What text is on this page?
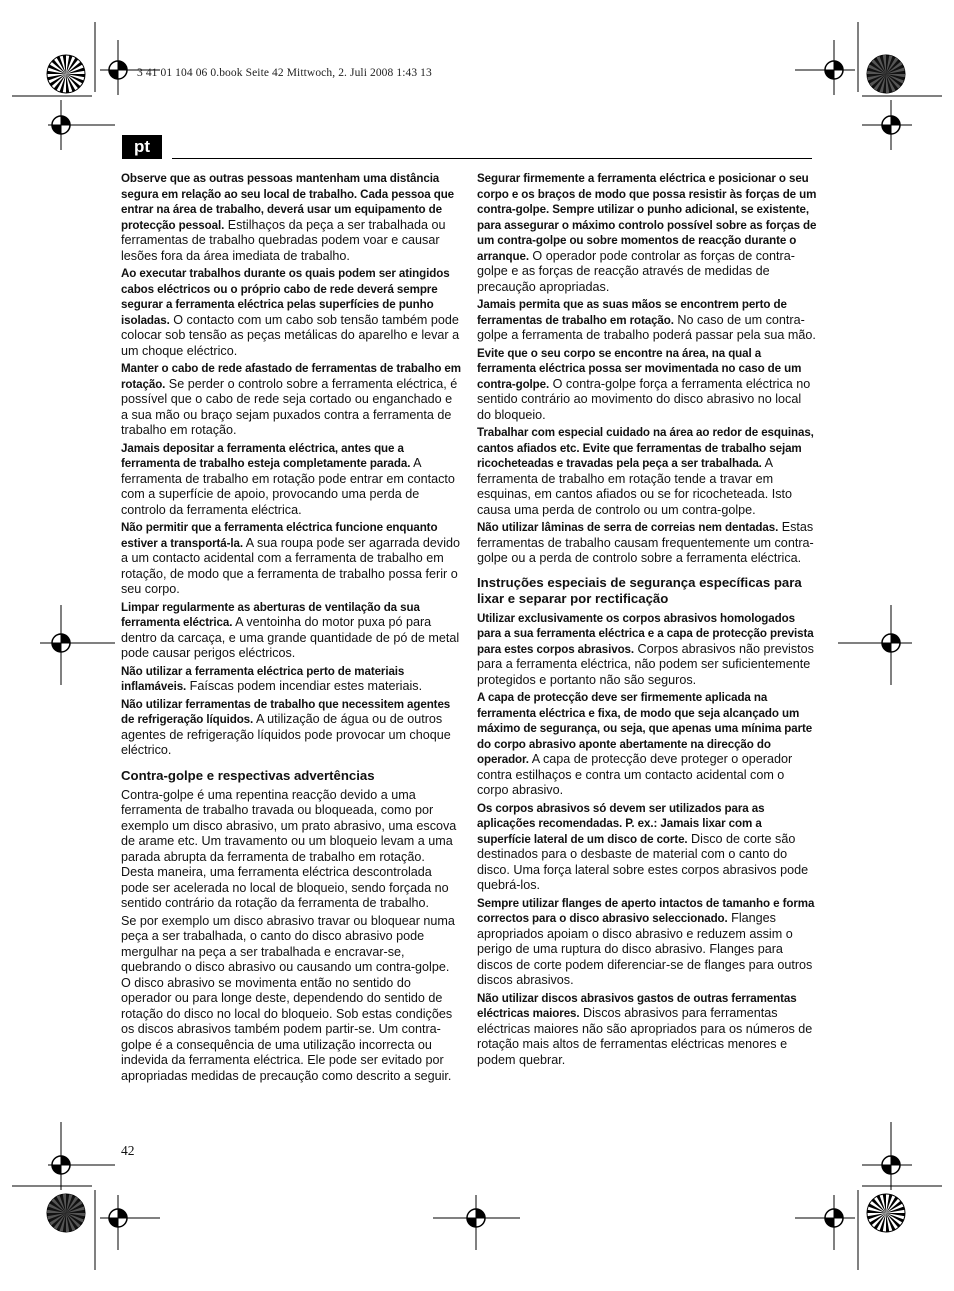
3 41 01 104 06 0.book Seite 42 Mittwoch, 2. Juli 2008 1:43 13
pt
Observe que as outras pessoas mantenham uma distância segura em relação ao seu local de trabalho. Cada pessoa que entrar na área de trabalho, deverá usar um equipamento de protecção pessoal. Estilhaços da peça a ser trabalhada ou ferramentas de trabalho quebradas podem voar e causar lesões fora da área imediata de trabalho.
Ao executar trabalhos durante os quais podem ser atingidos cabos eléctricos ou o próprio cabo de rede deverá sempre segurar a ferramenta eléctrica pelas superfícies de punho isoladas. O contacto com um cabo sob tensão também pode colocar sob tensão as peças metálicas do aparelho e levar a um choque eléctrico.
Manter o cabo de rede afastado de ferramentas de trabalho em rotação. Se perder o controlo sobre a ferramenta eléctrica, é possível que o cabo de rede seja cortado ou enganchado e a sua mão ou braço sejam puxados contra a ferramenta de trabalho em rotação.
Jamais depositar a ferramenta eléctrica, antes que a ferramenta de trabalho esteja completamente parada. A ferramenta de trabalho em rotação pode entrar em contacto com a superfície de apoio, provocando uma perda de controlo da ferramenta eléctrica.
Não permitir que a ferramenta eléctrica funcione enquanto estiver a transportá-la. A sua roupa pode ser agarrada devido a um contacto acidental com a ferramenta de trabalho em rotação, de modo que a ferramenta de trabalho possa ferir o seu corpo.
Limpar regularmente as aberturas de ventilação da sua ferramenta eléctrica. A ventoinha do motor puxa pó para dentro da carcaça, e uma grande quantidade de pó de metal pode causar perigos eléctricos.
Não utilizar a ferramenta eléctrica perto de materiais inflamáveis. Faíscas podem incendiar estes materiais.
Não utilizar ferramentas de trabalho que necessitem agentes de refrigeração líquidos. A utilização de água ou de outros agentes de refrigeração líquidos pode provocar um choque eléctrico.
Contra-golpe e respectivas advertências
Contra-golpe é uma repentina reacção devido a uma ferramenta de trabalho travada ou bloqueada, como por exemplo um disco abrasivo, um prato abrasivo, uma escova de arame etc. Um travamento ou um bloqueio levam a uma parada abrupta da ferramenta de trabalho em rotação. Desta maneira, uma ferramenta eléctrica descontrolada pode ser acelerada no local de bloqueio, sendo forçada no sentido contrário da rotação da ferramenta de trabalho.
Se por exemplo um disco abrasivo travar ou bloquear numa peça a ser trabalhada, o canto do disco abrasivo pode mergulhar na peça a ser trabalhada e encravar-se, quebrando o disco abrasivo ou causando um contra-golpe. O disco abrasivo se movimenta então no sentido do operador ou para longe deste, dependendo do sentido de rotação do disco no local do bloqueio. Sob estas condições os discos abrasivos também podem partir-se. Um contra-golpe é a consequência de uma utilização incorrecta ou indevida da ferramenta eléctrica. Ele pode ser evitado por apropriadas medidas de precaução como descrito a seguir.
Segurar firmemente a ferramenta eléctrica e posicionar o seu corpo e os braços de modo que possa resistir às forças de um contra-golpe. Sempre utilizar o punho adicional, se existente, para assegurar o máximo controlo possível sobre as forças de um contra-golpe ou sobre momentos de reacção durante o arranque. O operador pode controlar as forças de contra-golpe e as forças de reacção através de medidas de precaução apropriadas.
Jamais permita que as suas mãos se encontrem perto de ferramentas de trabalho em rotação. No caso de um contra-golpe a ferramenta de trabalho poderá passar pela sua mão.
Evite que o seu corpo se encontre na área, na qual a ferramenta eléctrica possa ser movimentada no caso de um contra-golpe. O contra-golpe força a ferramenta eléctrica no sentido contrário ao movimento do disco abrasivo no local do bloqueio.
Trabalhar com especial cuidado na área ao redor de esquinas, cantos afiados etc. Evite que ferramentas de trabalho sejam ricocheteadas e travadas pela peça a ser trabalhada. A ferramenta de trabalho em rotação tende a travar em esquinas, em cantos afiados ou se for ricocheteada. Isto causa uma perda de controlo ou um contra-golpe.
Não utilizar lâminas de serra de correias nem dentadas. Estas ferramentas de trabalho causam frequentemente um contra-golpe ou a perda de controlo sobre a ferramenta eléctrica.
Instruções especiais de segurança específicas para lixar e separar por rectificação
Utilizar exclusivamente os corpos abrasivos homologados para a sua ferramenta eléctrica e a capa de protecção prevista para estes corpos abrasivos. Corpos abrasivos não previstos para a ferramenta eléctrica, não podem ser suficientemente protegidos e portanto não são seguros.
A capa de protecção deve ser firmemente aplicada na ferramenta eléctrica e fixa, de modo que seja alcançado um máximo de segurança, ou seja, que apenas uma mínima parte do corpo abrasivo aponte abertamente na direcção do operador. A capa de protecção deve proteger o operador contra estilhaços e contra um contacto acidental com o corpo abrasivo.
Os corpos abrasivos só devem ser utilizados para as aplicações recomendadas. P. ex.: Jamais lixar com a superfície lateral de um disco de corte. Disco de corte são destinados para o desbaste de material com o canto do disco. Uma força lateral sobre estes corpos abrasivos pode quebrá-los.
Sempre utilizar flanges de aperto intactos de tamanho e forma correctos para o disco abrasivo seleccionado. Flanges apropriados apoiam o disco abrasivo e reduzem assim o perigo de uma ruptura do disco abrasivo. Flanges para discos de corte podem diferenciar-se de flanges para outros discos abrasivos.
Não utilizar discos abrasivos gastos de outras ferramentas eléctricas maiores. Discos abrasivos para ferramentas eléctricas maiores não são apropriados para os números de rotação mais altos de ferramentas eléctricas menores e podem quebrar.
42
